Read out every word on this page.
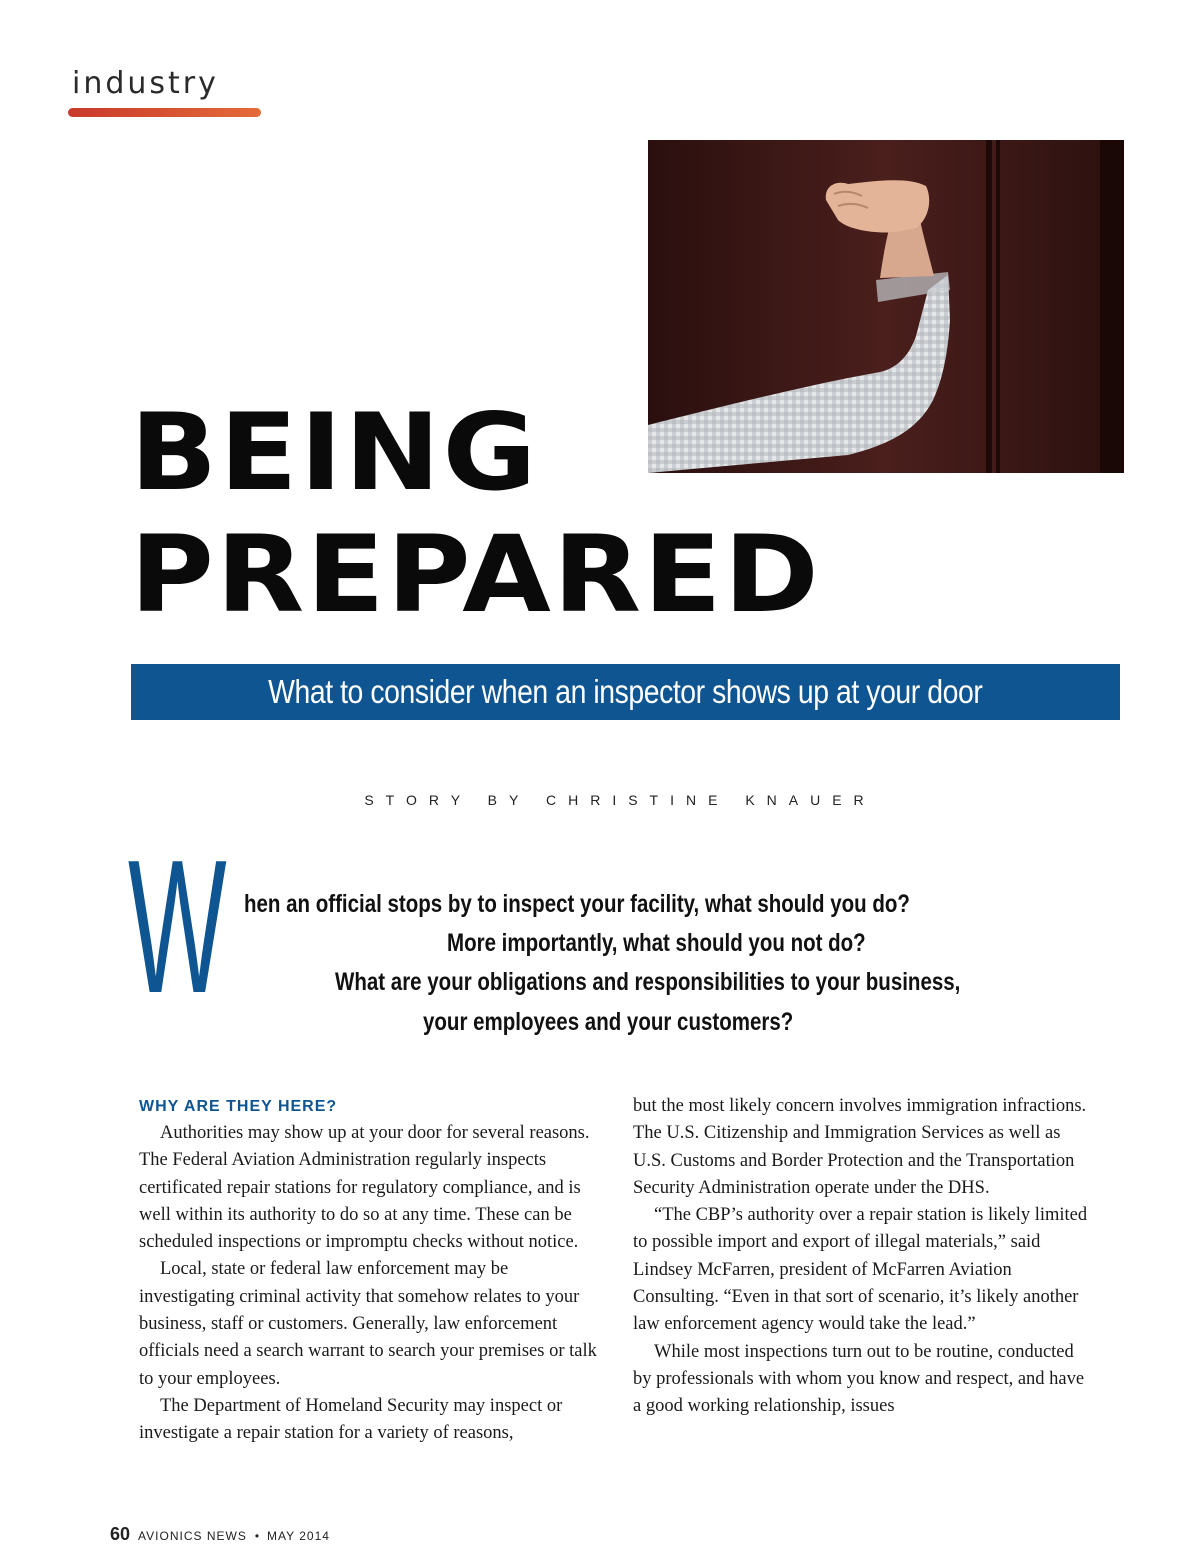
industry
BEING
PREPARED
What to consider when an inspector shows up at your door
STORY BY CHRISTINE KNAUER
W hen an official stops by to inspect your facility, what should you do?
More importantly, what should you not do?
What are your obligations and responsibilities to your business,
your employees and your customers?
WHY ARE THEY HERE?

Authorities may show up at your door for several reasons. The Federal Aviation Administration regularly inspects certificated repair stations for regulatory compliance, and is well within its authority to do so at any time. These can be scheduled inspections or impromptu checks without notice.

Local, state or federal law enforcement may be investigating criminal activity that somehow relates to your business, staff or customers. Generally, law enforcement officials need a search warrant to search your premises or talk to your employees.

The Department of Homeland Security may inspect or investigate a repair station for a variety of reasons,

but the most likely concern involves immigration infractions. The U.S. Citizenship and Immigration Services as well as U.S. Customs and Border Protection and the Transportation Security Administration operate under the DHS.

“The CBP’s authority over a repair station is likely limited to possible import and export of illegal materials,” said Lindsey McFarren, president of McFarren Aviation Consulting. “Even in that sort of scenario, it’s likely another law enforcement agency would take the lead.”

While most inspections turn out to be routine, conducted by professionals with whom you know and respect, and have a good working relationship, issues

60 AVIONICS NEWS • MAY 2014
